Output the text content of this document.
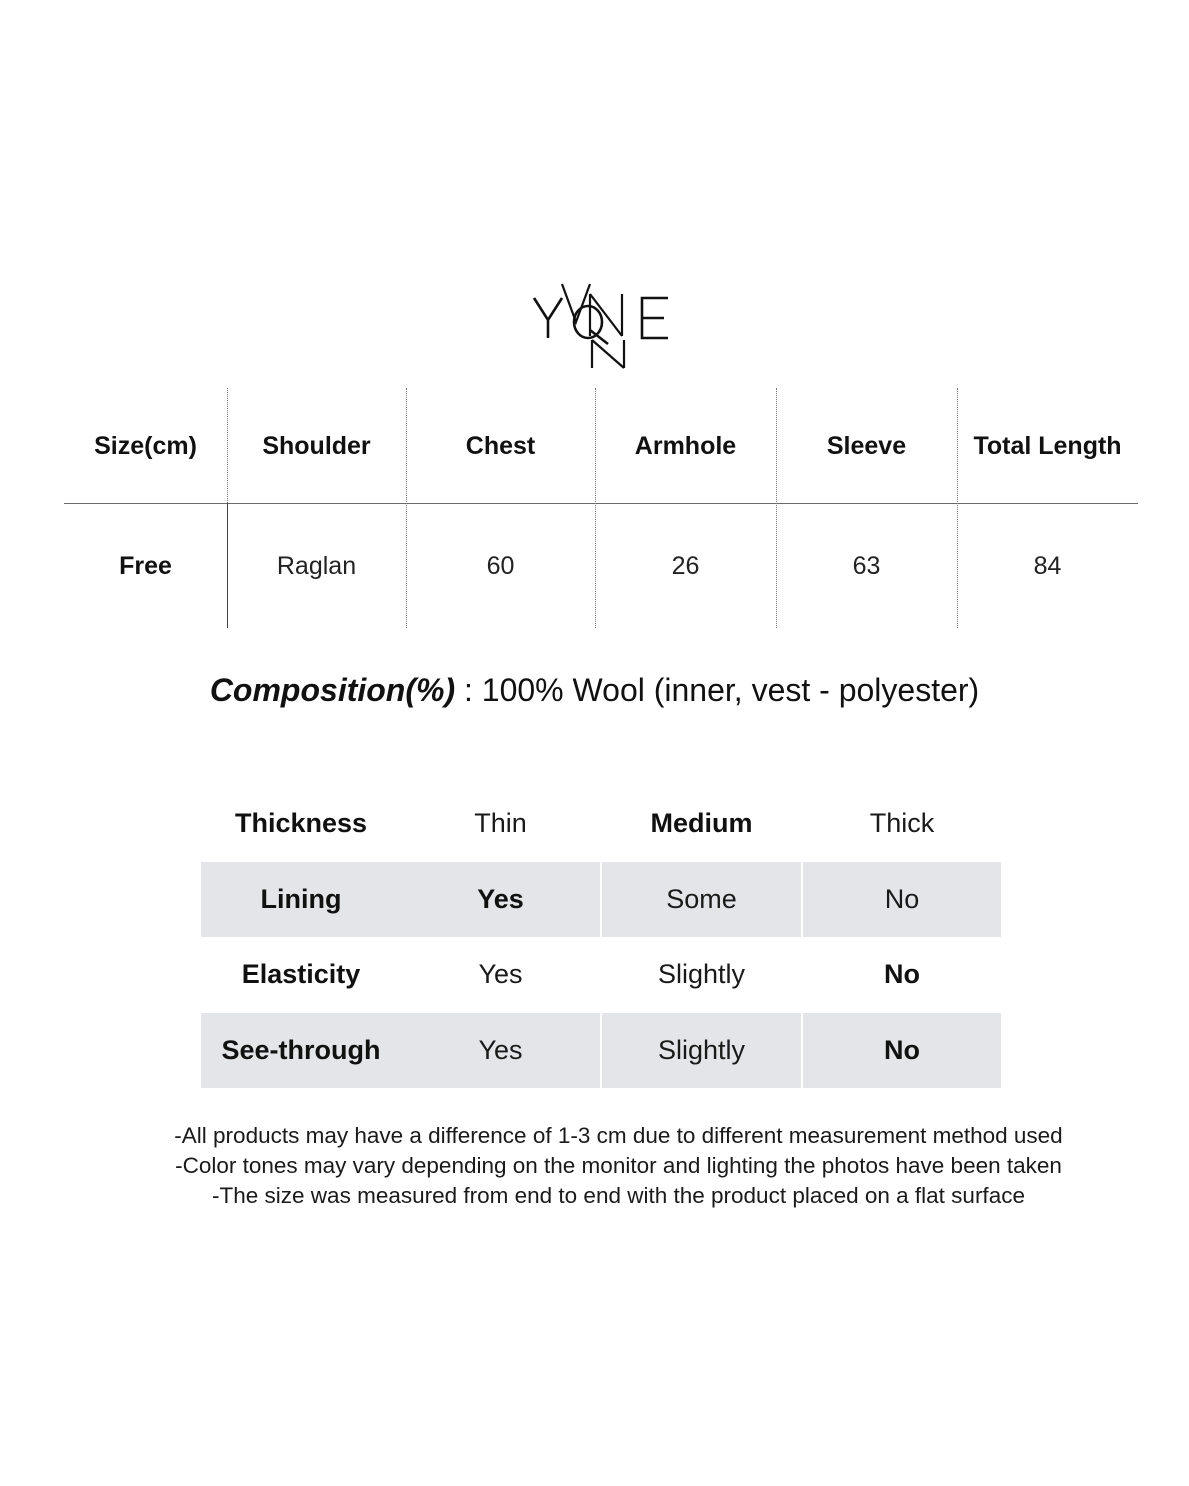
Size(cm)	Shoulder	Chest	Armhole	Sleeve	Total Length
Free	Raglan	60	26	63	84
Composition(%) : 100% Wool (inner, vest - polyester)
Thickness	Thin	Medium	Thick
Lining	Yes	Some	No
Elasticity	Yes	Slightly	No
See-through	Yes	Slightly	No
-All products may have a difference of 1-3 cm due to different measurement method used
-Color tones may vary depending on the monitor and lighting the photos have been taken
-The size was measured from end to end with the product placed on a flat surface
